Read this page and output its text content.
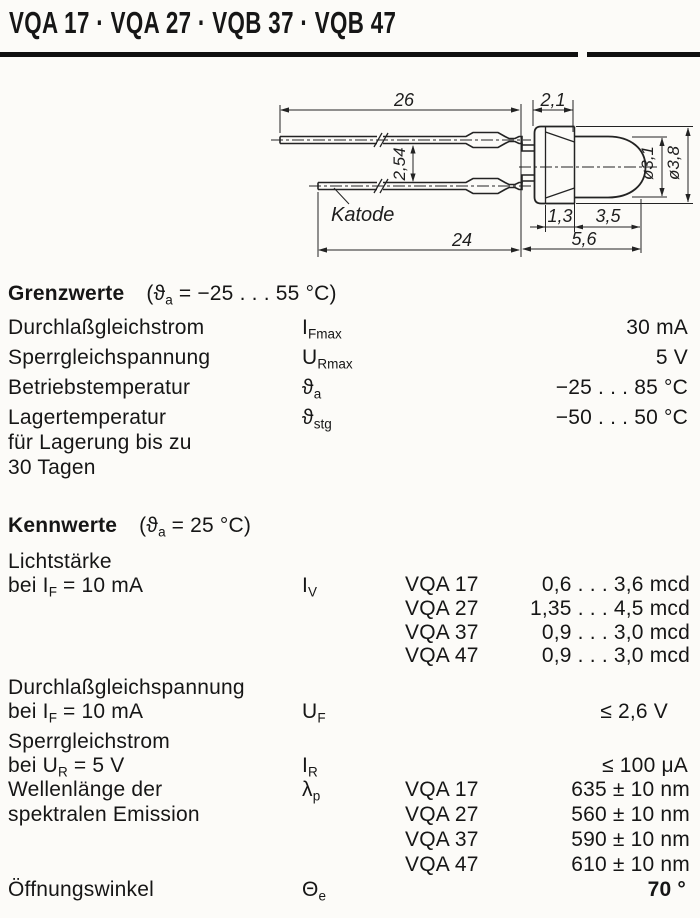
VQA 17 · VQA 27 · VQB 37 · VQB 47
26	2,1
2,54
Katode
24
1,3 3,5
5,6
ø3,1 ø3,8
Grenzwerte ($ϑ_a = -25$ . . . 55 °C)
Durchlaßgleichstrom	$I_{Fmax}$	30 mA
Sperrgleichspannung	$U_{Rmax}$	5 V
Betriebstemperatur	$ϑ_a$	−25 . . . 85 °C
Lagertemperatur
für Lagerung bis zu
30 Tagen
$ϑ_{stg}$	−50 . . . 50 °C
Kennwerte ($ϑ_a = 25$ °C)
Lichtstärke
bei $I_F = 10$ mA	$I_V$	VQA 17	0,6 . . . 3,6 mcd
VQA 27 1,35 . . . 4,5 mcd
VQA 37	0,9 . . . 3,0 mcd
VQA 47	0,9 . . . 3,0 mcd
Durchlaßgleichspannung
bei $I_F = 10$ mA	$U_F$	≤ 2,6 V
Sperrgleichstrom
bei $U_R = 5$ V	$I_R$	≤ 100 μA
Wellenlänge der
spektralen Emission
$\lambda_p$	VQA 17	635 ± 10 nm
VQA 27	560 ± 10 nm
VQA 37	590 ± 10 nm
VQA 47	610 ± 10 nm
Öffnungswinkel	$\Theta_e$	70 °
